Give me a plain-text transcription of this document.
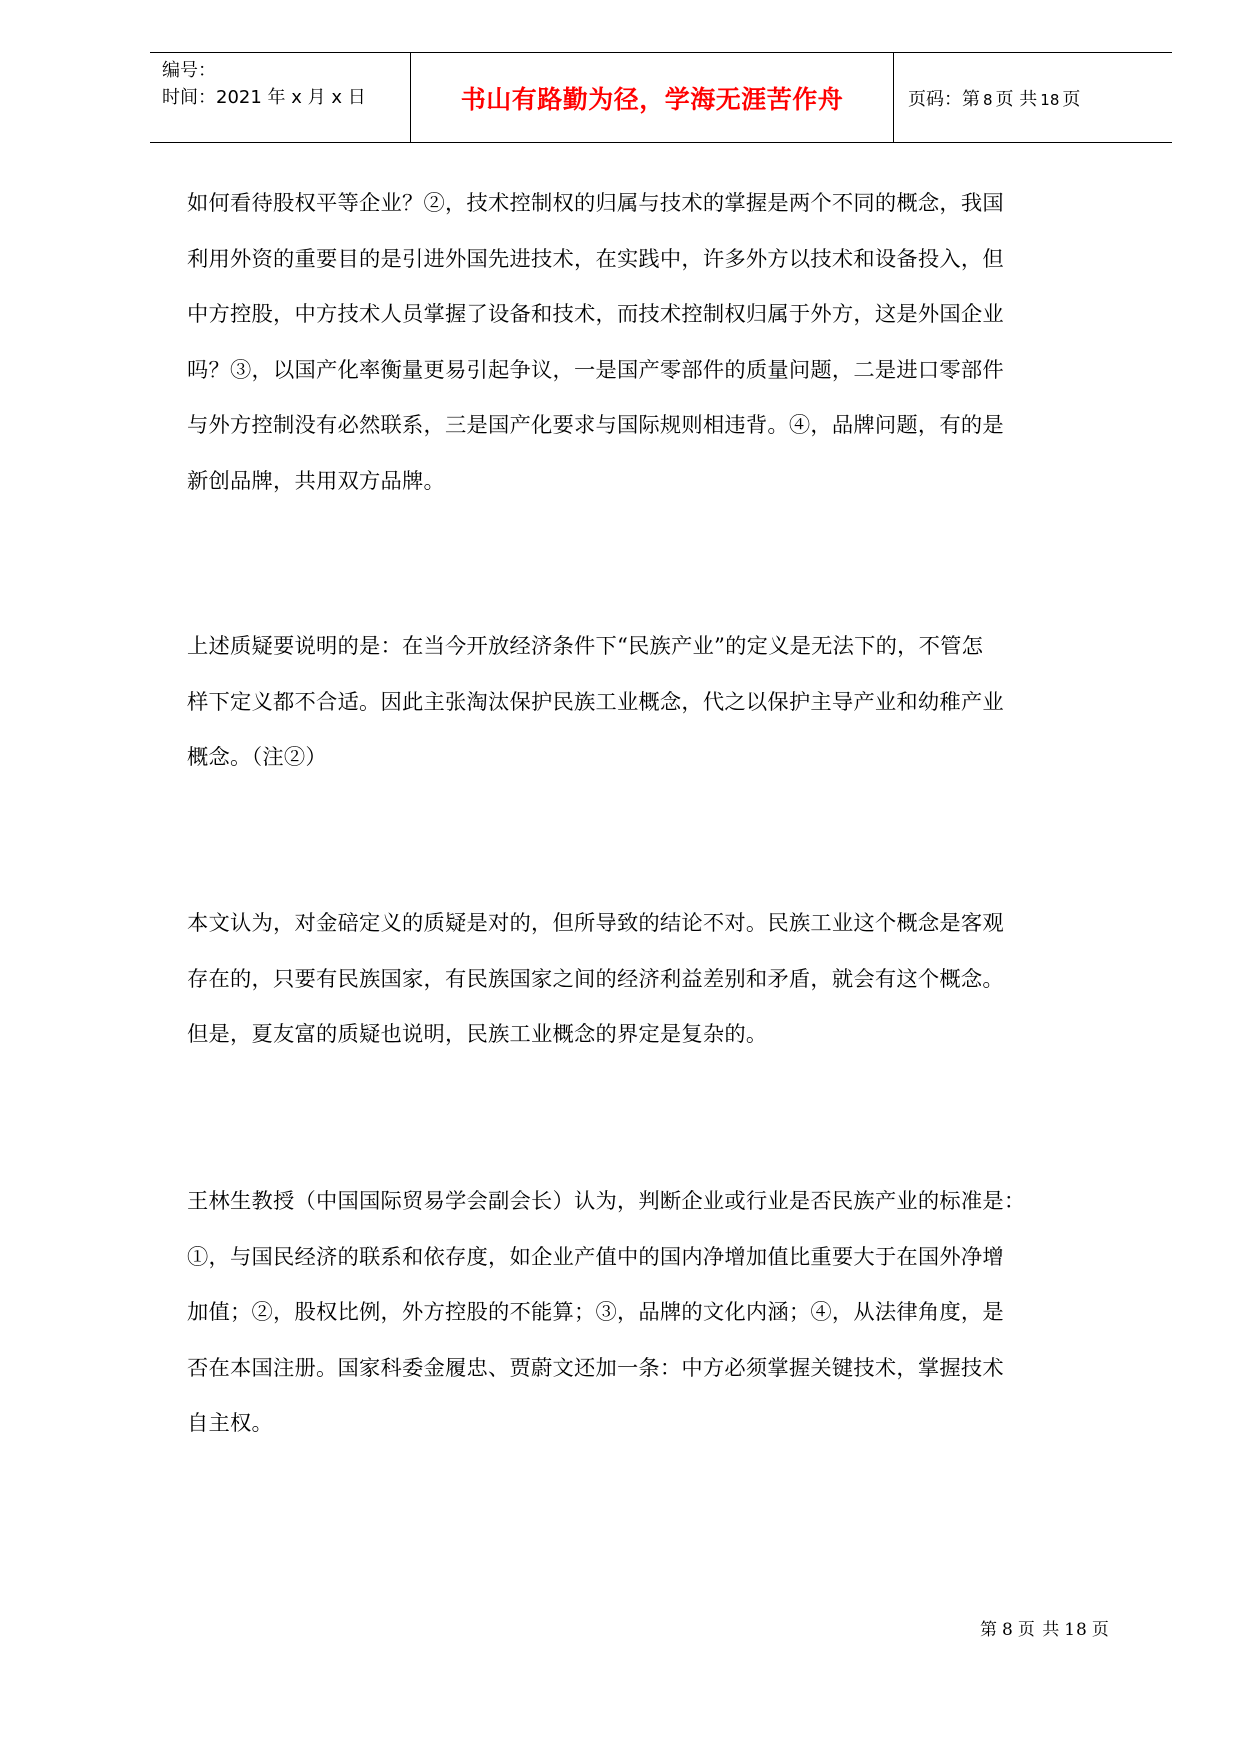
编号：
时间：2021 年 x 月 x 日	书山有路勤为径，学海无涯苦作舟	页码：第 8 页 共 18 页

如何看待股权平等企业？②，技术控制权的归属与技术的掌握是两个不同的概念，我国

利用外资的重要目的是引进外国先进技术，在实践中，许多外方以技术和设备投入，但

中方控股，中方技术人员掌握了设备和技术，而技术控制权归属于外方，这是外国企业

吗？③，以国产化率衡量更易引起争议，一是国产零部件的质量问题，二是进口零部件

与外方控制没有必然联系，三是国产化要求与国际规则相违背。④，品牌问题，有的是

新创品牌，共用双方品牌。

上述质疑要说明的是：在当今开放经济条件下“民族产业”的定义是无法下的，不管怎

样下定义都不合适。因此主张淘汰保护民族工业概念，代之以保护主导产业和幼稚产业

概念。（注②）

本文认为，对金碚定义的质疑是对的，但所导致的结论不对。民族工业这个概念是客观

存在的，只要有民族国家，有民族国家之间的经济利益差别和矛盾，就会有这个概念。

但是，夏友富的质疑也说明，民族工业概念的界定是复杂的。

王林生教授（中国国际贸易学会副会长）认为，判断企业或行业是否民族产业的标准是：

①，与国民经济的联系和依存度，如企业产值中的国内净增加值比重要大于在国外净增

加值；②，股权比例，外方控股的不能算；③，品牌的文化内涵；④，从法律角度，是

否在本国注册。国家科委金履忠、贾蔚文还加一条：中方必须掌握关键技术，掌握技术

自主权。

第 8 页 共 18 页
